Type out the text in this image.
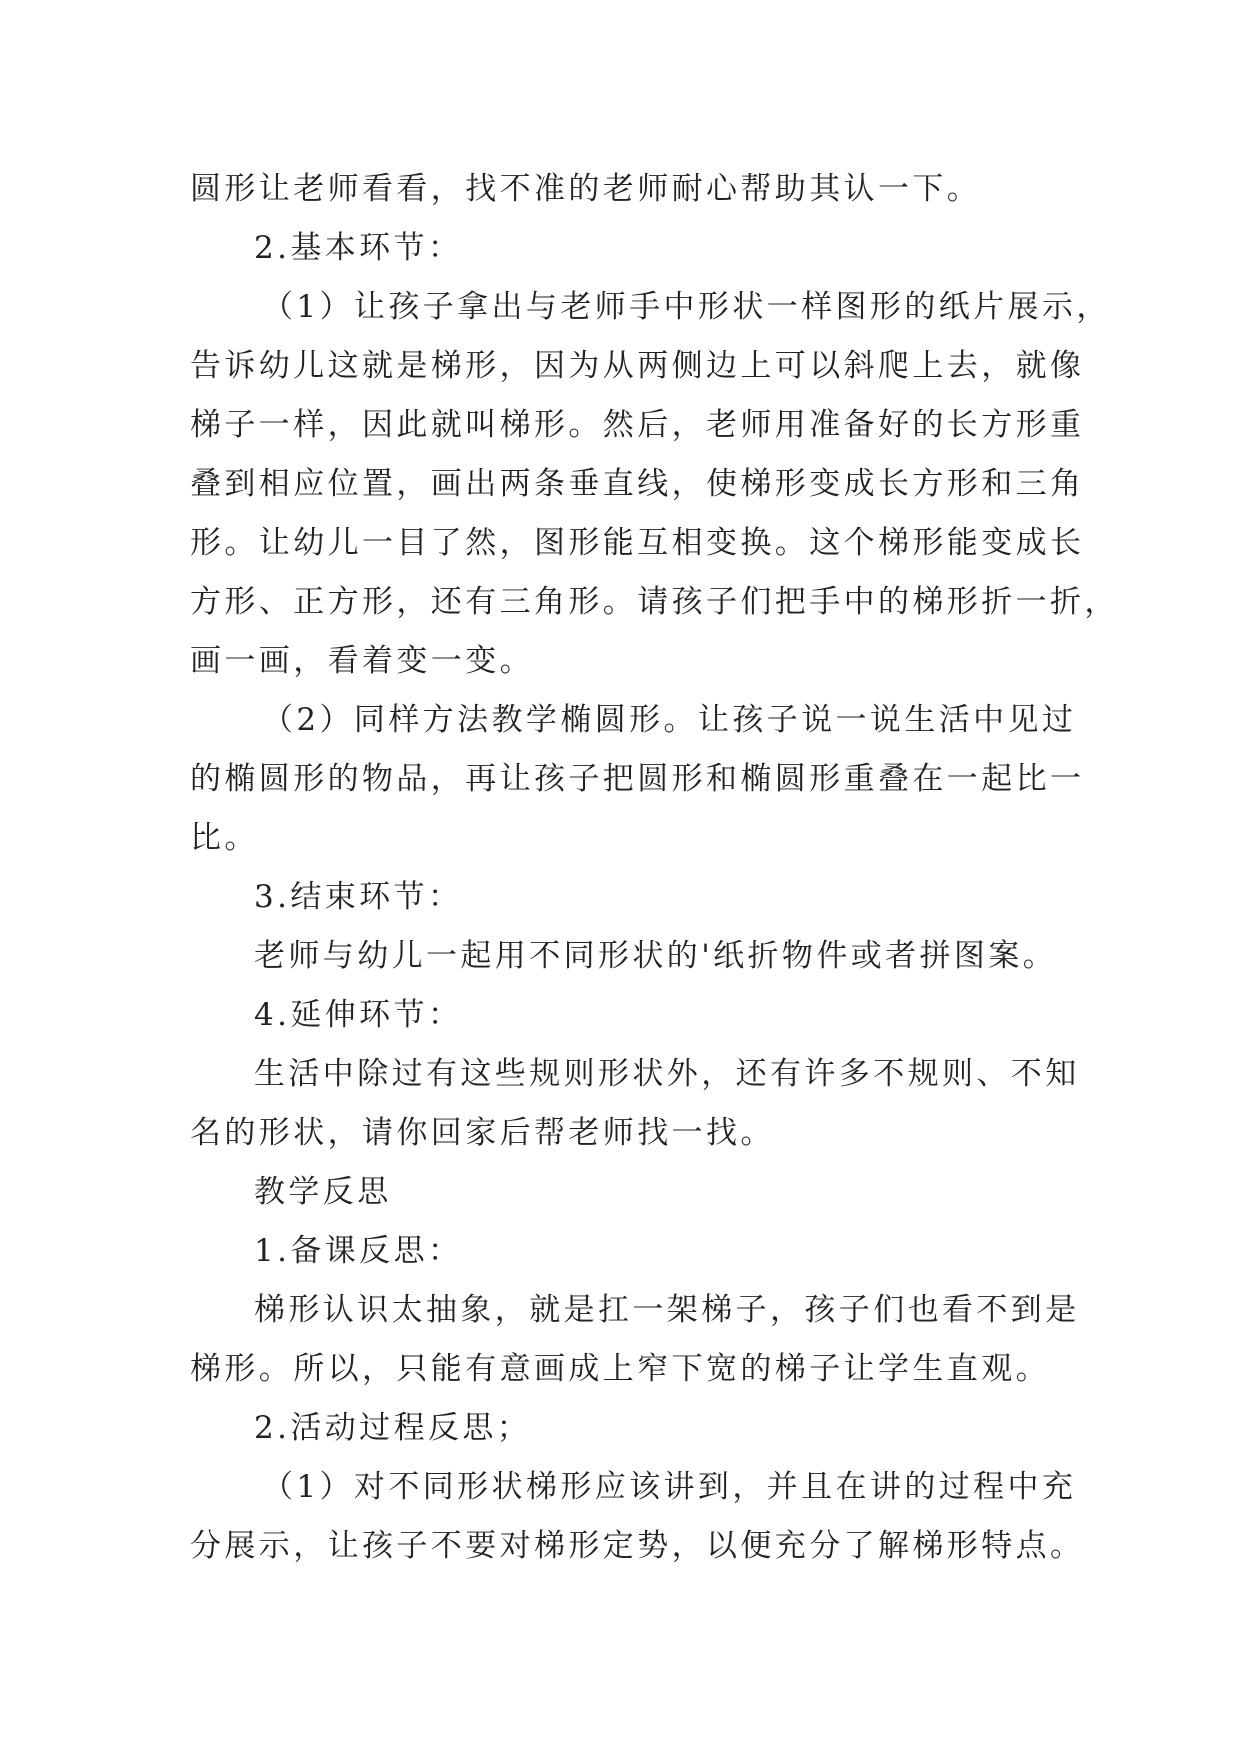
圆形让老师看看，找不准的老师耐心帮助其认一下。

2.基本环节：

（1）让孩子拿出与老师手中形状一样图形的纸片展示，

告诉幼儿这就是梯形，因为从两侧边上可以斜爬上去，就像

梯子一样，因此就叫梯形。然后，老师用准备好的长方形重

叠到相应位置，画出两条垂直线，使梯形变成长方形和三角

形。让幼儿一目了然，图形能互相变换。这个梯形能变成长

方形、正方形，还有三角形。请孩子们把手中的梯形折一折，

画一画，看着变一变。

（2）同样方法教学椭圆形。让孩子说一说生活中见过

的椭圆形的物品，再让孩子把圆形和椭圆形重叠在一起比一

比。

3.结束环节：

老师与幼儿一起用不同形状的'纸折物件或者拼图案。

4.延伸环节：

生活中除过有这些规则形状外，还有许多不规则、不知

名的形状，请你回家后帮老师找一找。

教学反思

1.备课反思：

梯形认识太抽象，就是扛一架梯子，孩子们也看不到是

梯形。所以，只能有意画成上窄下宽的梯子让学生直观。

2.活动过程反思；

（1）对不同形状梯形应该讲到，并且在讲的过程中充

分展示，让孩子不要对梯形定势，以便充分了解梯形特点。
